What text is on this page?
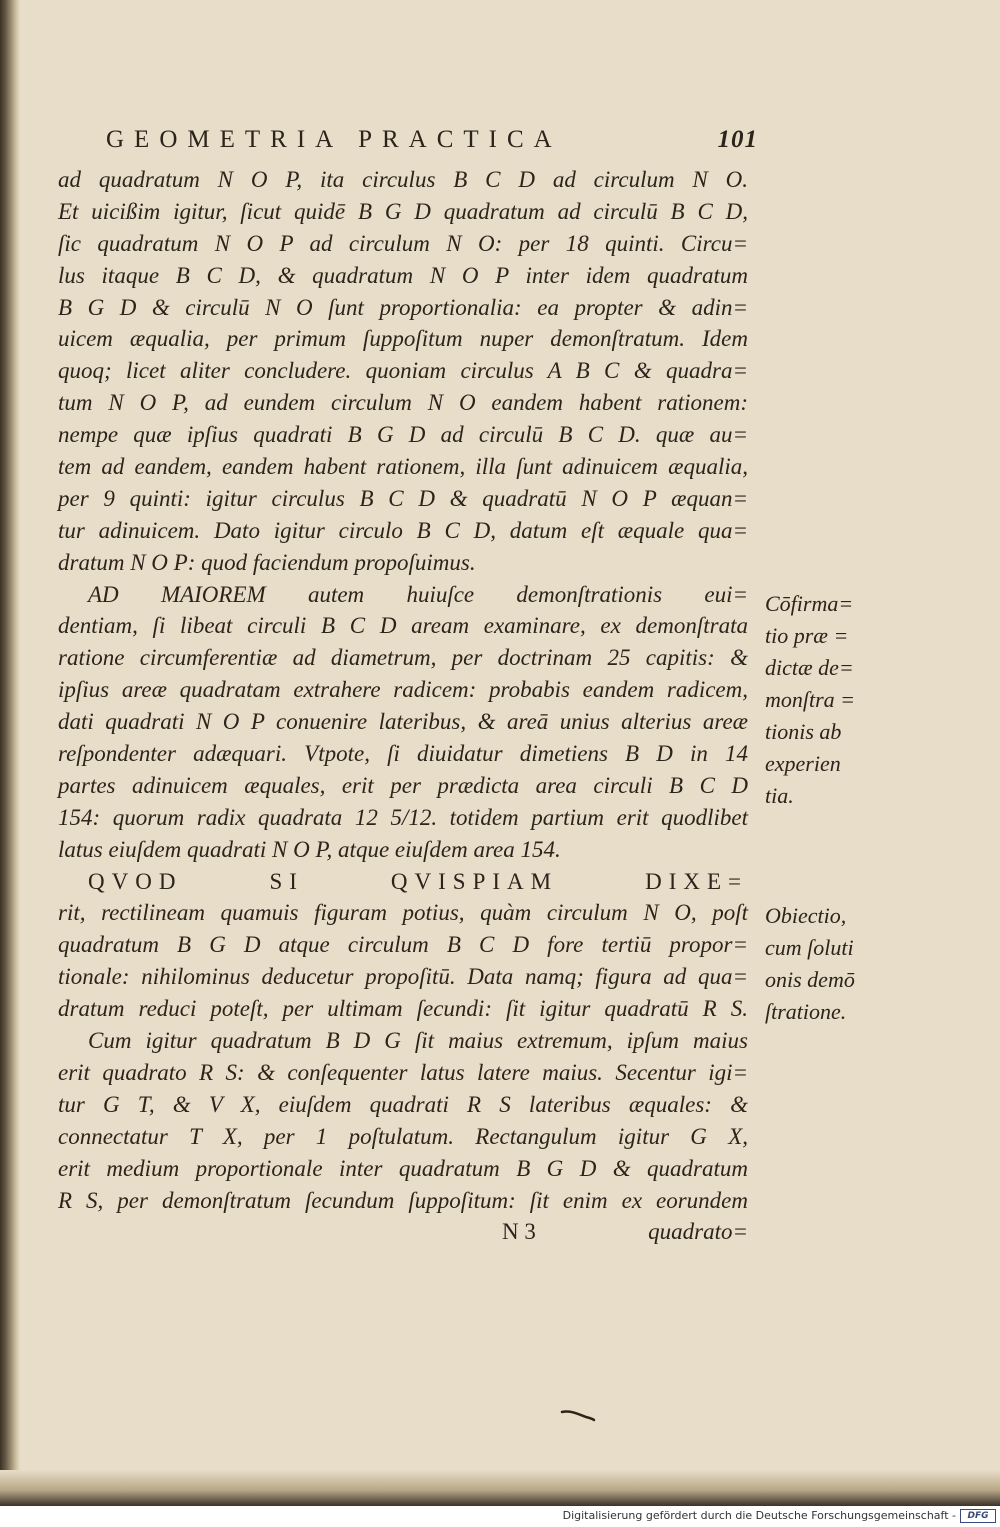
GEOMETRIA PRACTICA	101
ad quadratum N O P, ita circulus B C D ad circulum N O.
Et uicißim igitur, ſicut quidē B G D quadratum ad circulū B C D,
ſic quadratum N O P ad circulum N O: per 18 quinti. Circu=
lus itaque B C D, & quadratum N O P inter idem quadratum
B G D & circulū N O ſunt proportionalia: ea propter & adin=
uicem æqualia, per primum ſuppoſitum nuper demonſtratum. Idem
quoq; licet aliter concludere. quoniam circulus A B C & quadra=
tum N O P, ad eundem circulum N O eandem habent rationem:
nempe quæ ipſius quadrati B G D ad circulū B C D. quæ au=
tem ad eandem, eandem habent rationem, illa ſunt adinuicem æqualia,
per 9 quinti: igitur circulus B C D & quadratū N O P æquan=
tur adinuicem. Dato igitur circulo B C D, datum eſt æquale qua=
dratum N O P: quod faciendum propoſuimus.
AD MAIOREM autem huiuſce demonſtrationis eui=
dentiam, ſi libeat circuli B C D aream examinare, ex demonſtrata
ratione circumferentiæ ad diametrum, per doctrinam 25 capitis: &
ipſius areæ quadratam extrahere radicem: probabis eandem radicem,
dati quadrati N O P conuenire lateribus, & areā unius alterius areæ
reſpondenter adæquari. Vtpote, ſi diuidatur dimetiens B D in 14
partes adinuicem æquales, erit per prædicta area circuli B C D
154: quorum radix quadrata 12 5/12. totidem partium erit quodlibet
latus eiuſdem quadrati N O P, atque eiuſdem area 154.
QVOD SI QVISPIAM DIXE=
rit, rectilineam quamuis figuram potius, quàm circulum N O, poſt
quadratum B G D atque circulum B C D fore tertiū propor=
tionale: nihilominus deducetur propoſitū. Data namq; figura ad qua=
dratum reduci poteſt, per ultimam ſecundi: ſit igitur quadratū R S.
Cum igitur quadratum B D G ſit maius extremum, ipſum maius
erit quadrato R S: & conſequenter latus latere maius. Secentur igi=
tur G T, & V X, eiuſdem quadrati R S lateribus æquales: &
connectatur T X, per 1 poſtulatum. Rectangulum igitur G X,
erit medium proportionale inter quadratum B G D & quadratum
R S, per demonſtratum ſecundum ſuppoſitum: ſit enim ex eorundem
N 3	quadrato=
Cōfirma=
tio præ =
dictæ de=
monſtra =
tionis ab
experien
tia.
Obiectio,
cum ſoluti
onis demō
ſtratione.
Digitalisierung gefördert durch die Deutsche Forschungsgemeinschaft -	DFG
